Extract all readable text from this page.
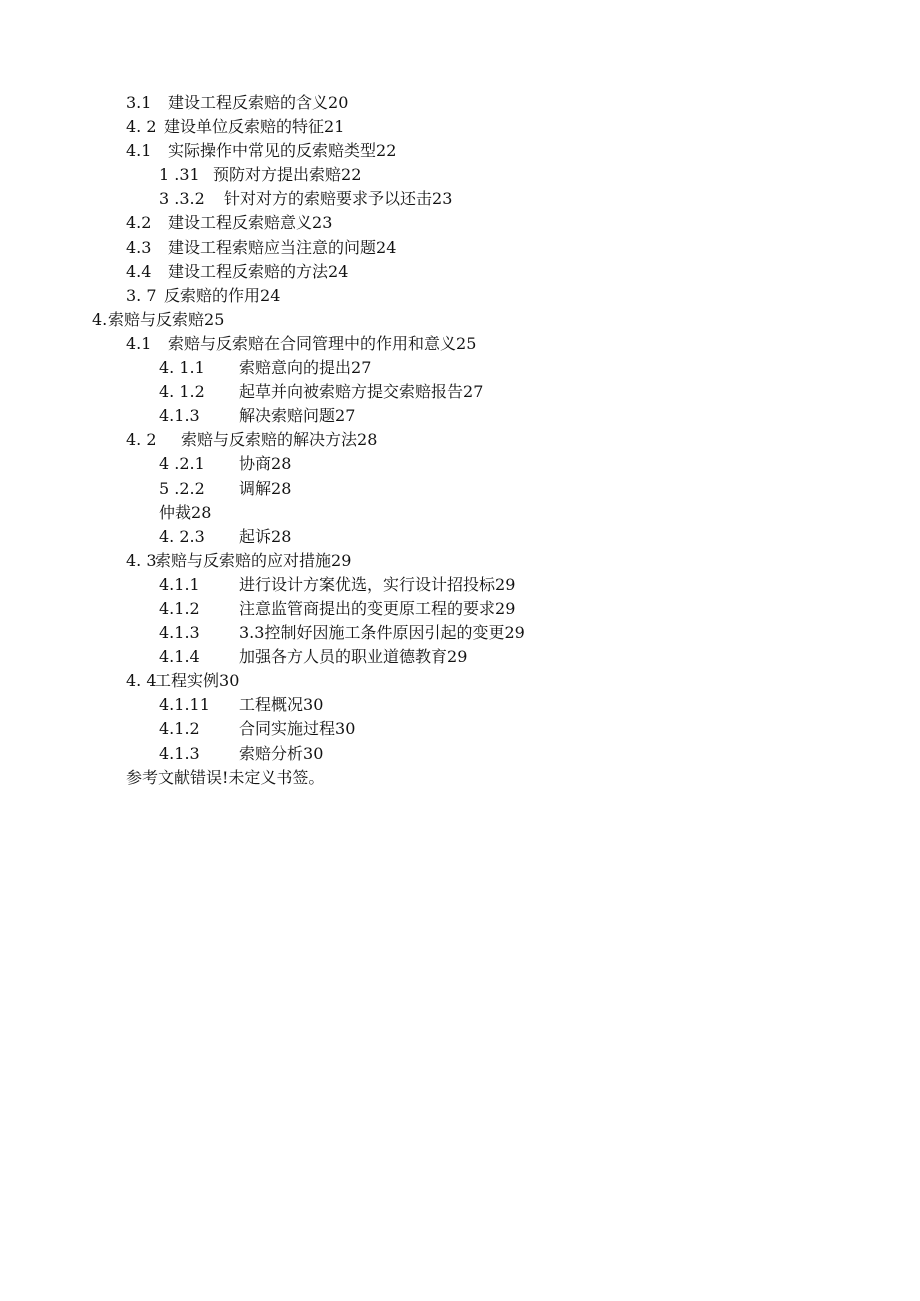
3.1 建设工程反索赔的含义20
4. 2 建设单位反索赔的特征21
4.1 实际操作中常见的反索赔类型22
1 .31 预防对方提出索赔22
3 .3.2 针对对方的索赔要求予以还击23
4.2 建设工程反索赔意义23
4.3 建设工程索赔应当注意的问题24
4.4 建设工程反索赔的方法24
3. 7 反索赔的作用24
4.索赔与反索赔25
4.1 索赔与反索赔在合同管理中的作用和意义25
4. 1.1 索赔意向的提出27
4. 1.2 起草并向被索赔方提交索赔报告27
4.1.3 解决索赔问题27
4. 2 索赔与反索赔的解决方法28
4 .2.1 协商28
5 .2.2 调解28
仲裁28
4. 2.3 起诉28
4. 3索赔与反索赔的应对措施29
4.1.1 进行设计方案优选，实行设计招投标29
4.1.2 注意监管商提出的变更原工程的要求29
4.1.3 3.3控制好因施工条件原因引起的变更29
4.1.4 加强各方人员的职业道德教育29
4. 4工程实例30
4.1.11 工程概况30
4.1.2 合同实施过程30
4.1.3 索赔分析30
参考文献错误!未定义书签。
